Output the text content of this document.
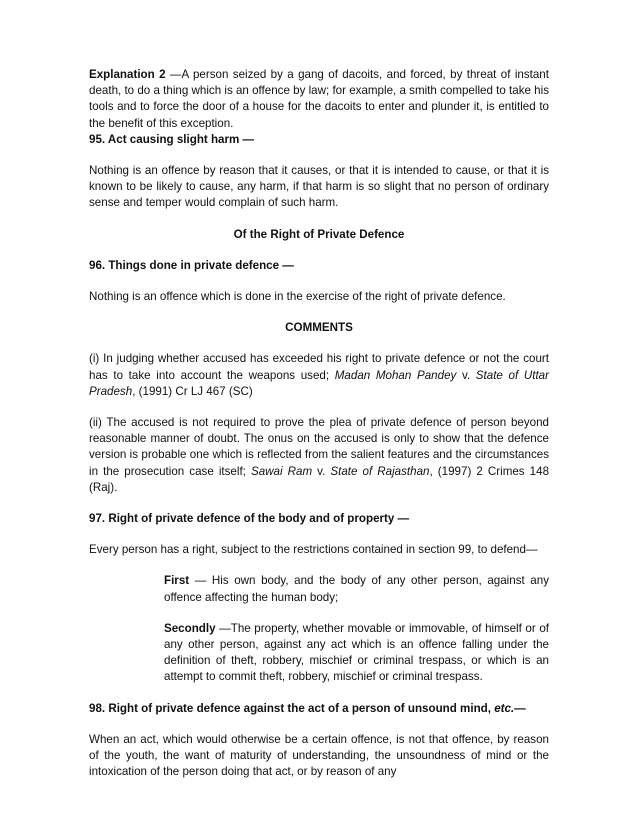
Explanation 2 —A person seized by a gang of dacoits, and forced, by threat of instant death, to do a thing which is an offence by law; for example, a smith compelled to take his tools and to force the door of a house for the dacoits to enter and plunder it, is entitled to the benefit of this exception.

95. Act causing slight harm —

Nothing is an offence by reason that it causes, or that it is intended to cause, or that it is known to be likely to cause, any harm, if that harm is so slight that no person of ordinary sense and temper would complain of such harm.

Of the Right of Private Defence

96. Things done in private defence —

Nothing is an offence which is done in the exercise of the right of private defence.

COMMENTS

(i) In judging whether accused has exceeded his right to private defence or not the court has to take into account the weapons used; Madan Mohan Pandey v. State of Uttar Pradesh, (1991) Cr LJ 467 (SC)

(ii) The accused is not required to prove the plea of private defence of person beyond reasonable manner of doubt. The onus on the accused is only to show that the defence version is probable one which is reflected from the salient features and the circumstances in the prosecution case itself; Sawai Ram v. State of Rajasthan, (1997) 2 Crimes 148 (Raj).

97. Right of private defence of the body and of property —

Every person has a right, subject to the restrictions contained in section 99, to defend—

First — His own body, and the body of any other person, against any offence affecting the human body;

Secondly —The property, whether movable or immovable, of himself or of any other person, against any act which is an offence falling under the definition of theft, robbery, mischief or criminal trespass, or which is an attempt to commit theft, robbery, mischief or criminal trespass.

98. Right of private defence against the act of a person of unsound mind, etc.—

When an act, which would otherwise be a certain offence, is not that offence, by reason of the youth, the want of maturity of understanding, the unsoundness of mind or the intoxication of the person doing that act, or by reason of any
